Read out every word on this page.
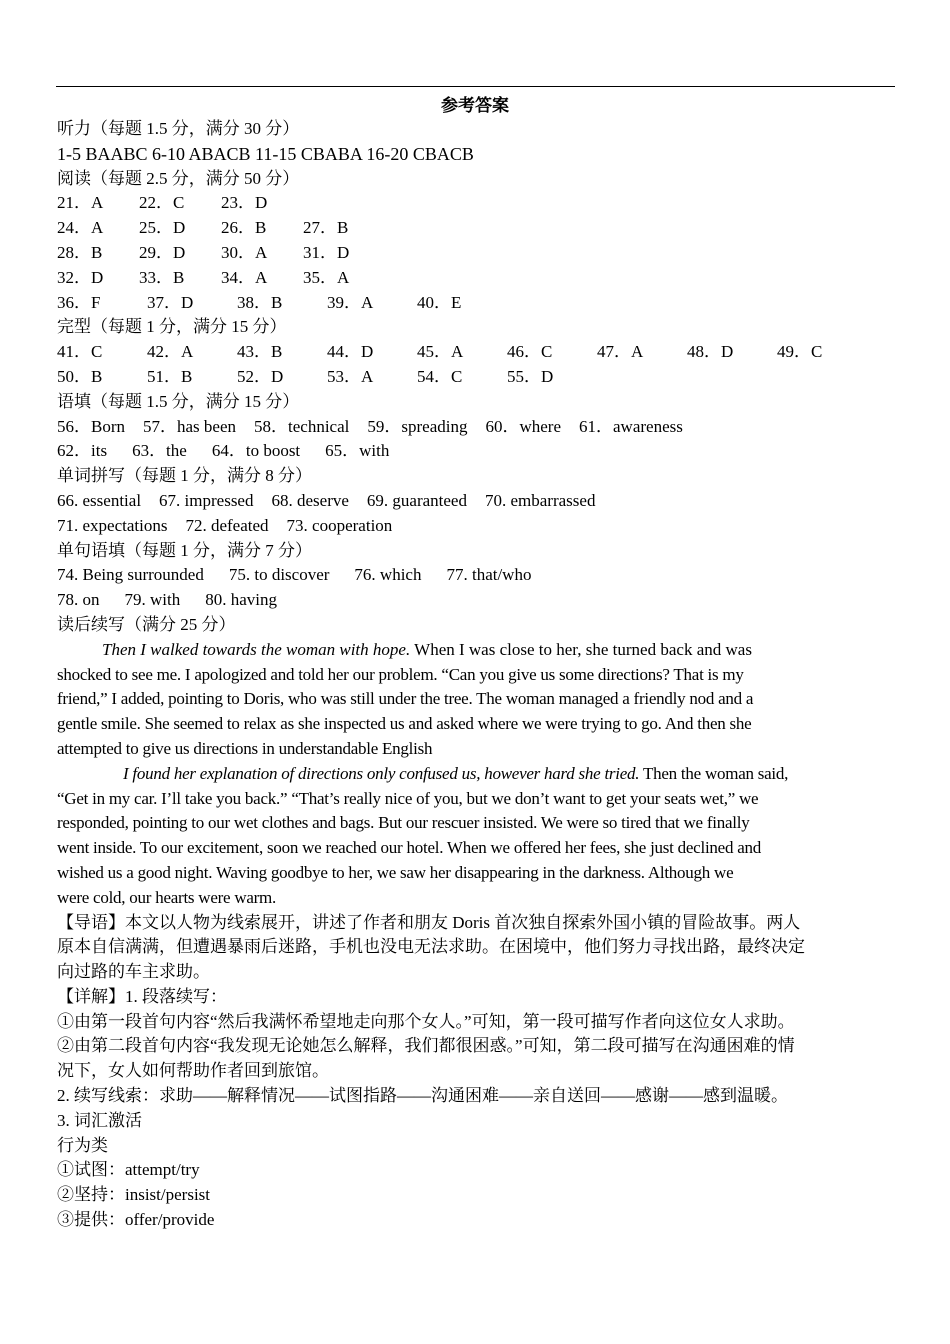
参考答案
听力（每题 1.5 分，满分 30 分）
1-5 BAABC 6-10 ABACB 11-15 CBABA 16-20 CBACB
阅读（每题 2.5 分，满分 50 分）
21．A	22．C	23．D
24．A	25．D	26．B	27．B
28．B	29．D	30．A	31．D
32．D	33．B	34．A	35．A
36．F	37．D	38．B	39．A	40．E
完型（每题 1 分，满分 15 分）
41．C	42．A	43．B	44．D	45．A	46．C	47．A	48．D	49．C
50．B	51．B	52．D	53．A	54．C	55．D
语填（每题 1.5 分，满分 15 分）
56．Born 57．has been 58．technical 59．spreading 60．where 61．awareness
62．its 63．the 64．to boost 65．with
单词拼写（每题 1 分，满分 8 分）
66. essential 67. impressed 68. deserve 69. guaranteed 70. embarrassed
71. expectations 72. defeated 73. cooperation
单句语填（每题 1 分，满分 7 分）
74. Being surrounded 75. to discover 76. which 77. that/who
78. on 79. with 80. having
读后续写（满分 25 分）
Then I walked towards the woman with hope. When I was close to her, she turned back and was
shocked to see me. I apologized and told her our problem. “Can you give us some directions? That is my
friend,” I added, pointing to Doris, who was still under the tree. The woman managed a friendly nod and a
gentle smile. She seemed to relax as she inspected us and asked where we were trying to go. And then she
attempted to give us directions in understandable English
I found her explanation of directions only confused us, however hard she tried. Then the woman said,
“Get in my car. I’ll take you back.” “That’s really nice of you, but we don’t want to get your seats wet,” we
responded, pointing to our wet clothes and bags. But our rescuer insisted. We were so tired that we finally
went inside. To our excitement, soon we reached our hotel. When we offered her fees, she just declined and
wished us a good night. Waving goodbye to her, we saw her disappearing in the darkness. Although we
were cold, our hearts were warm.
【导语】本文以人物为线索展开，讲述了作者和朋友 Doris 首次独自探索外国小镇的冒险故事。两人
原本自信满满，但遭遇暴雨后迷路，手机也没电无法求助。在困境中，他们努力寻找出路，最终决定
向过路的车主求助。
【详解】1. 段落续写：
①由第一段首句内容“然后我满怀希望地走向那个女人。”可知，第一段可描写作者向这位女人求助。
②由第二段首句内容“我发现无论她怎么解释，我们都很困惑。”可知，第二段可描写在沟通困难的情
况下，女人如何帮助作者回到旅馆。
2. 续写线索：求助——解释情况——试图指路——沟通困难——亲自送回——感谢——感到温暖。
3. 词汇激活
行为类
①试图：attempt/try
②坚持：insist/persist
③提供：offer/provide
